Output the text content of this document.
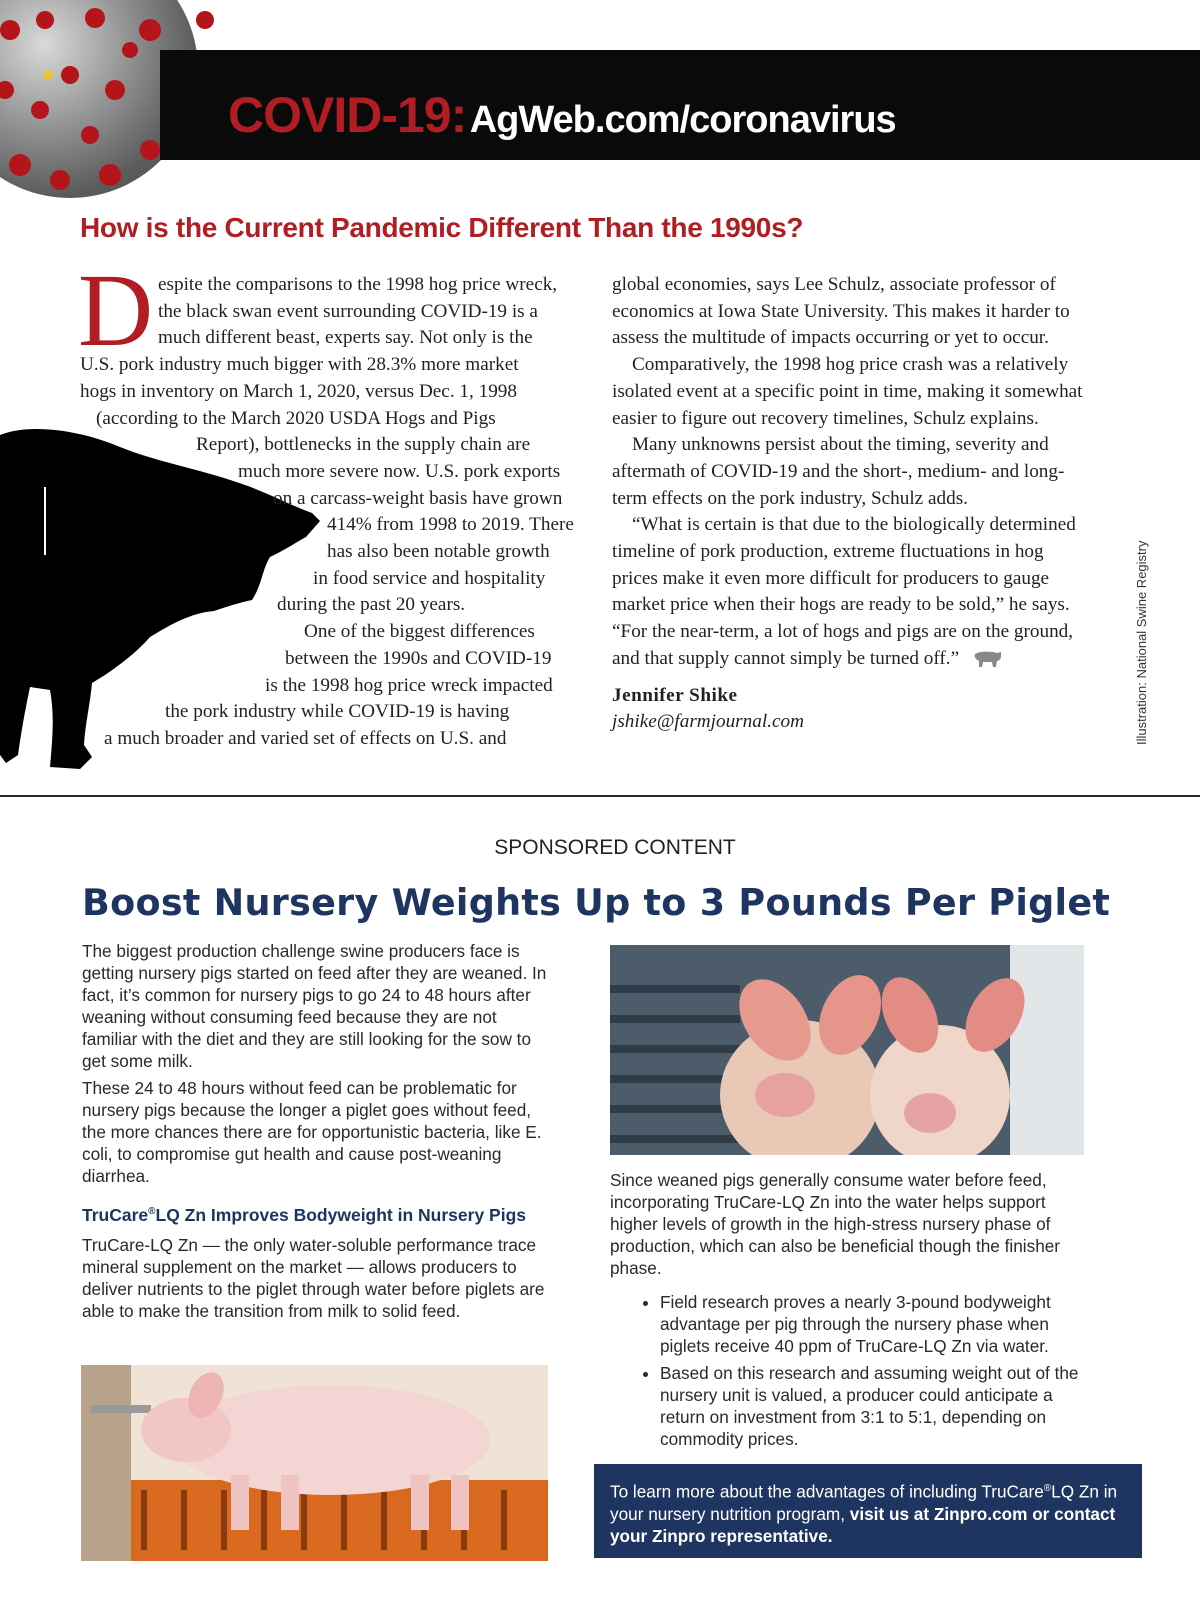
COVID-19: AgWeb.com/coronavirus
How is the Current Pandemic Different Than the 1990s?
D espite the comparisons to the 1998 hog price wreck,
the black swan event surrounding COVID-19 is a
much different beast, experts say. Not only is the
U.S. pork industry much bigger with 28.3% more market
hogs in inventory on March 1, 2020, versus Dec. 1, 1998
(according to the March 2020 USDA Hogs and Pigs
Report), bottlenecks in the supply chain are
much more severe now. U.S. pork exports
on a carcass-weight basis have grown
414% from 1998 to 2019. There
has also been notable growth
in food service and hospitality
during the past 20 years.
One of the biggest differences
between the 1990s and COVID-19
is the 1998 hog price wreck impacted
the pork industry while COVID-19 is having
a much broader and varied set of effects on U.S. and
global economies, says Lee Schulz, associate professor of
economics at Iowa State University. This makes it harder to
assess the multitude of impacts occurring or yet to occur.
Comparatively, the 1998 hog price crash was a relatively
isolated event at a specific point in time, making it somewhat
easier to figure out recovery timelines, Schulz explains.
Many unknowns persist about the timing, severity and
aftermath of COVID-19 and the short-, medium- and long-
term effects on the pork industry, Schulz adds.
“What is certain is that due to the biologically determined
timeline of pork production, extreme fluctuations in hog
prices make it even more difficult for producers to gauge
market price when their hogs are ready to be sold,” he says.
“For the near-term, a lot of hogs and pigs are on the ground,
and that supply cannot simply be turned off.”
Jennifer Shike
jshike@farmjournal.com	Illustration: National Swine Registry
SPONSORED CONTENT
Boost Nursery Weights Up to 3 Pounds Per Piglet

The biggest production challenge swine producers face is getting nursery pigs started on feed after they are weaned. In fact, it’s common for nursery pigs to go 24 to 48 hours after weaning without consuming feed because they are not familiar with the diet and they are still looking for the sow to get some milk.

These 24 to 48 hours without feed can be problematic for nursery pigs because the longer a piglet goes without feed, the more chances there are for opportunistic bacteria, like E. coli, to compromise gut health and cause post-weaning diarrhea.

TruCare®LQ Zn Improves Bodyweight in Nursery Pigs

TruCare-LQ Zn — the only water-soluble performance trace mineral supplement on the market — allows producers to deliver nutrients to the piglet through water before piglets are able to make the transition from milk to solid feed.

Since weaned pigs generally consume water before feed, incorporating TruCare-LQ Zn into the water helps support higher levels of growth in the high-stress nursery phase of production, which can also be beneficial though the finisher phase.

• Field research proves a nearly 3-pound bodyweight advantage per pig through the nursery phase when piglets receive 40 ppm of TruCare-LQ Zn via water.
• Based on this research and assuming weight out of the nursery unit is valued, a producer could anticipate a return on investment from 3:1 to 5:1, depending on commodity prices.
To learn more about the advantages of including TruCare®LQ Zn in your nursery nutrition program, visit us at Zinpro.com or contact your Zinpro representative.
